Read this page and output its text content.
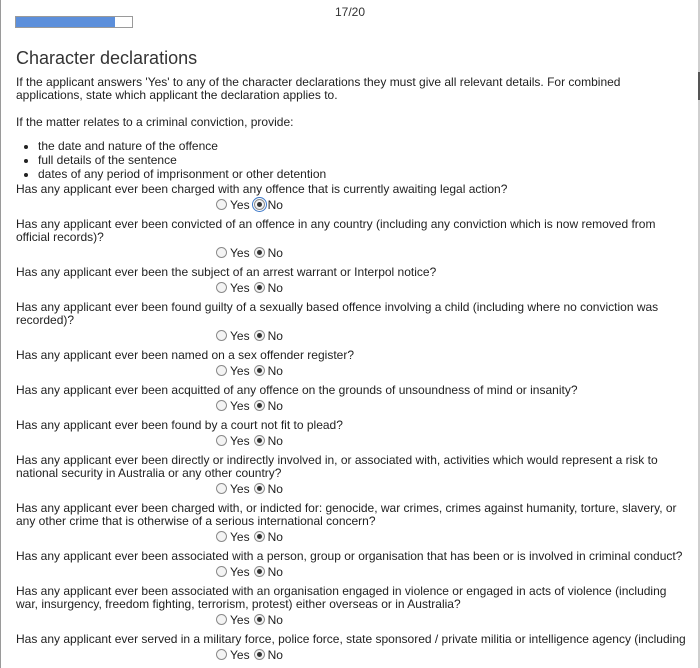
17/20
Character declarations

If the applicant answers 'Yes' to any of the character declarations they must give all relevant details. For combined applications, state which applicant the declaration applies to.

If the matter relates to a criminal conviction, provide:

• the date and nature of the offence
• full details of the sentence
• dates of any period of imprisonment or other detention
Has any applicant ever been charged with any offence that is currently awaiting legal action?
Yes No
Has any applicant ever been convicted of an offence in any country (including any conviction which is now removed from official records)?
Yes No
Has any applicant ever been the subject of an arrest warrant or Interpol notice?
Yes No
Has any applicant ever been found guilty of a sexually based offence involving a child (including where no conviction was recorded)?
Yes No
Has any applicant ever been named on a sex offender register?
Yes No
Has any applicant ever been acquitted of any offence on the grounds of unsoundness of mind or insanity?
Yes No
Has any applicant ever been found by a court not fit to plead?
Yes No
Has any applicant ever been directly or indirectly involved in, or associated with, activities which would represent a risk to national security in Australia or any other country?
Yes No
Has any applicant ever been charged with, or indicted for: genocide, war crimes, crimes against humanity, torture, slavery, or any other crime that is otherwise of a serious international concern?
Yes No
Has any applicant ever been associated with a person, group or organisation that has been or is involved in criminal conduct?
Yes No
Has any applicant ever been associated with an organisation engaged in violence or engaged in acts of violence (including war, insurgency, freedom fighting, terrorism, protest) either overseas or in Australia?
Yes No
Has any applicant ever served in a military force, police force, state sponsored / private militia or intelligence agency (including
Yes No
